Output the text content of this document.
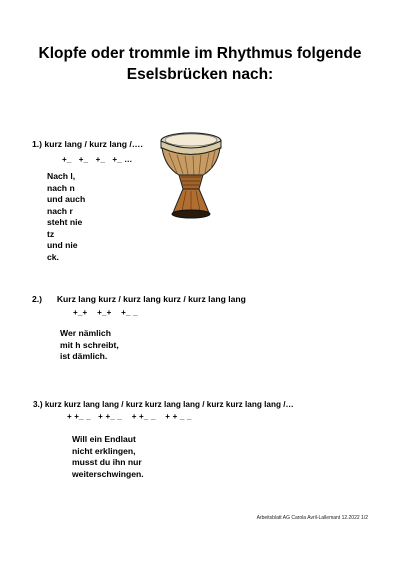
Klopfe oder trommle im Rhythmus folgende
Eselsbrücken nach:
1.) kurz lang / kurz lang /….
+_   +_   +_   +_ …
Nach l,
nach n
und auch
nach r
steht nie
tz
und nie
ck.
2.) Kurz lang kurz / kurz lang kurz / kurz lang lang
+_+    +_+    +_ _
Wer nämlich
mit h schreibt,
ist dämlich.
3.) kurz kurz lang lang / kurz kurz lang lang / kurz kurz lang lang /…
+ +_ _   + +_ _    + +_ _    + + _ _
Will ein Endlaut
nicht erklingen,
musst du ihn nur
weiterschwingen.
Arbeitsblatt AG Carola Avril-Lallemant 12.2022 1/2
